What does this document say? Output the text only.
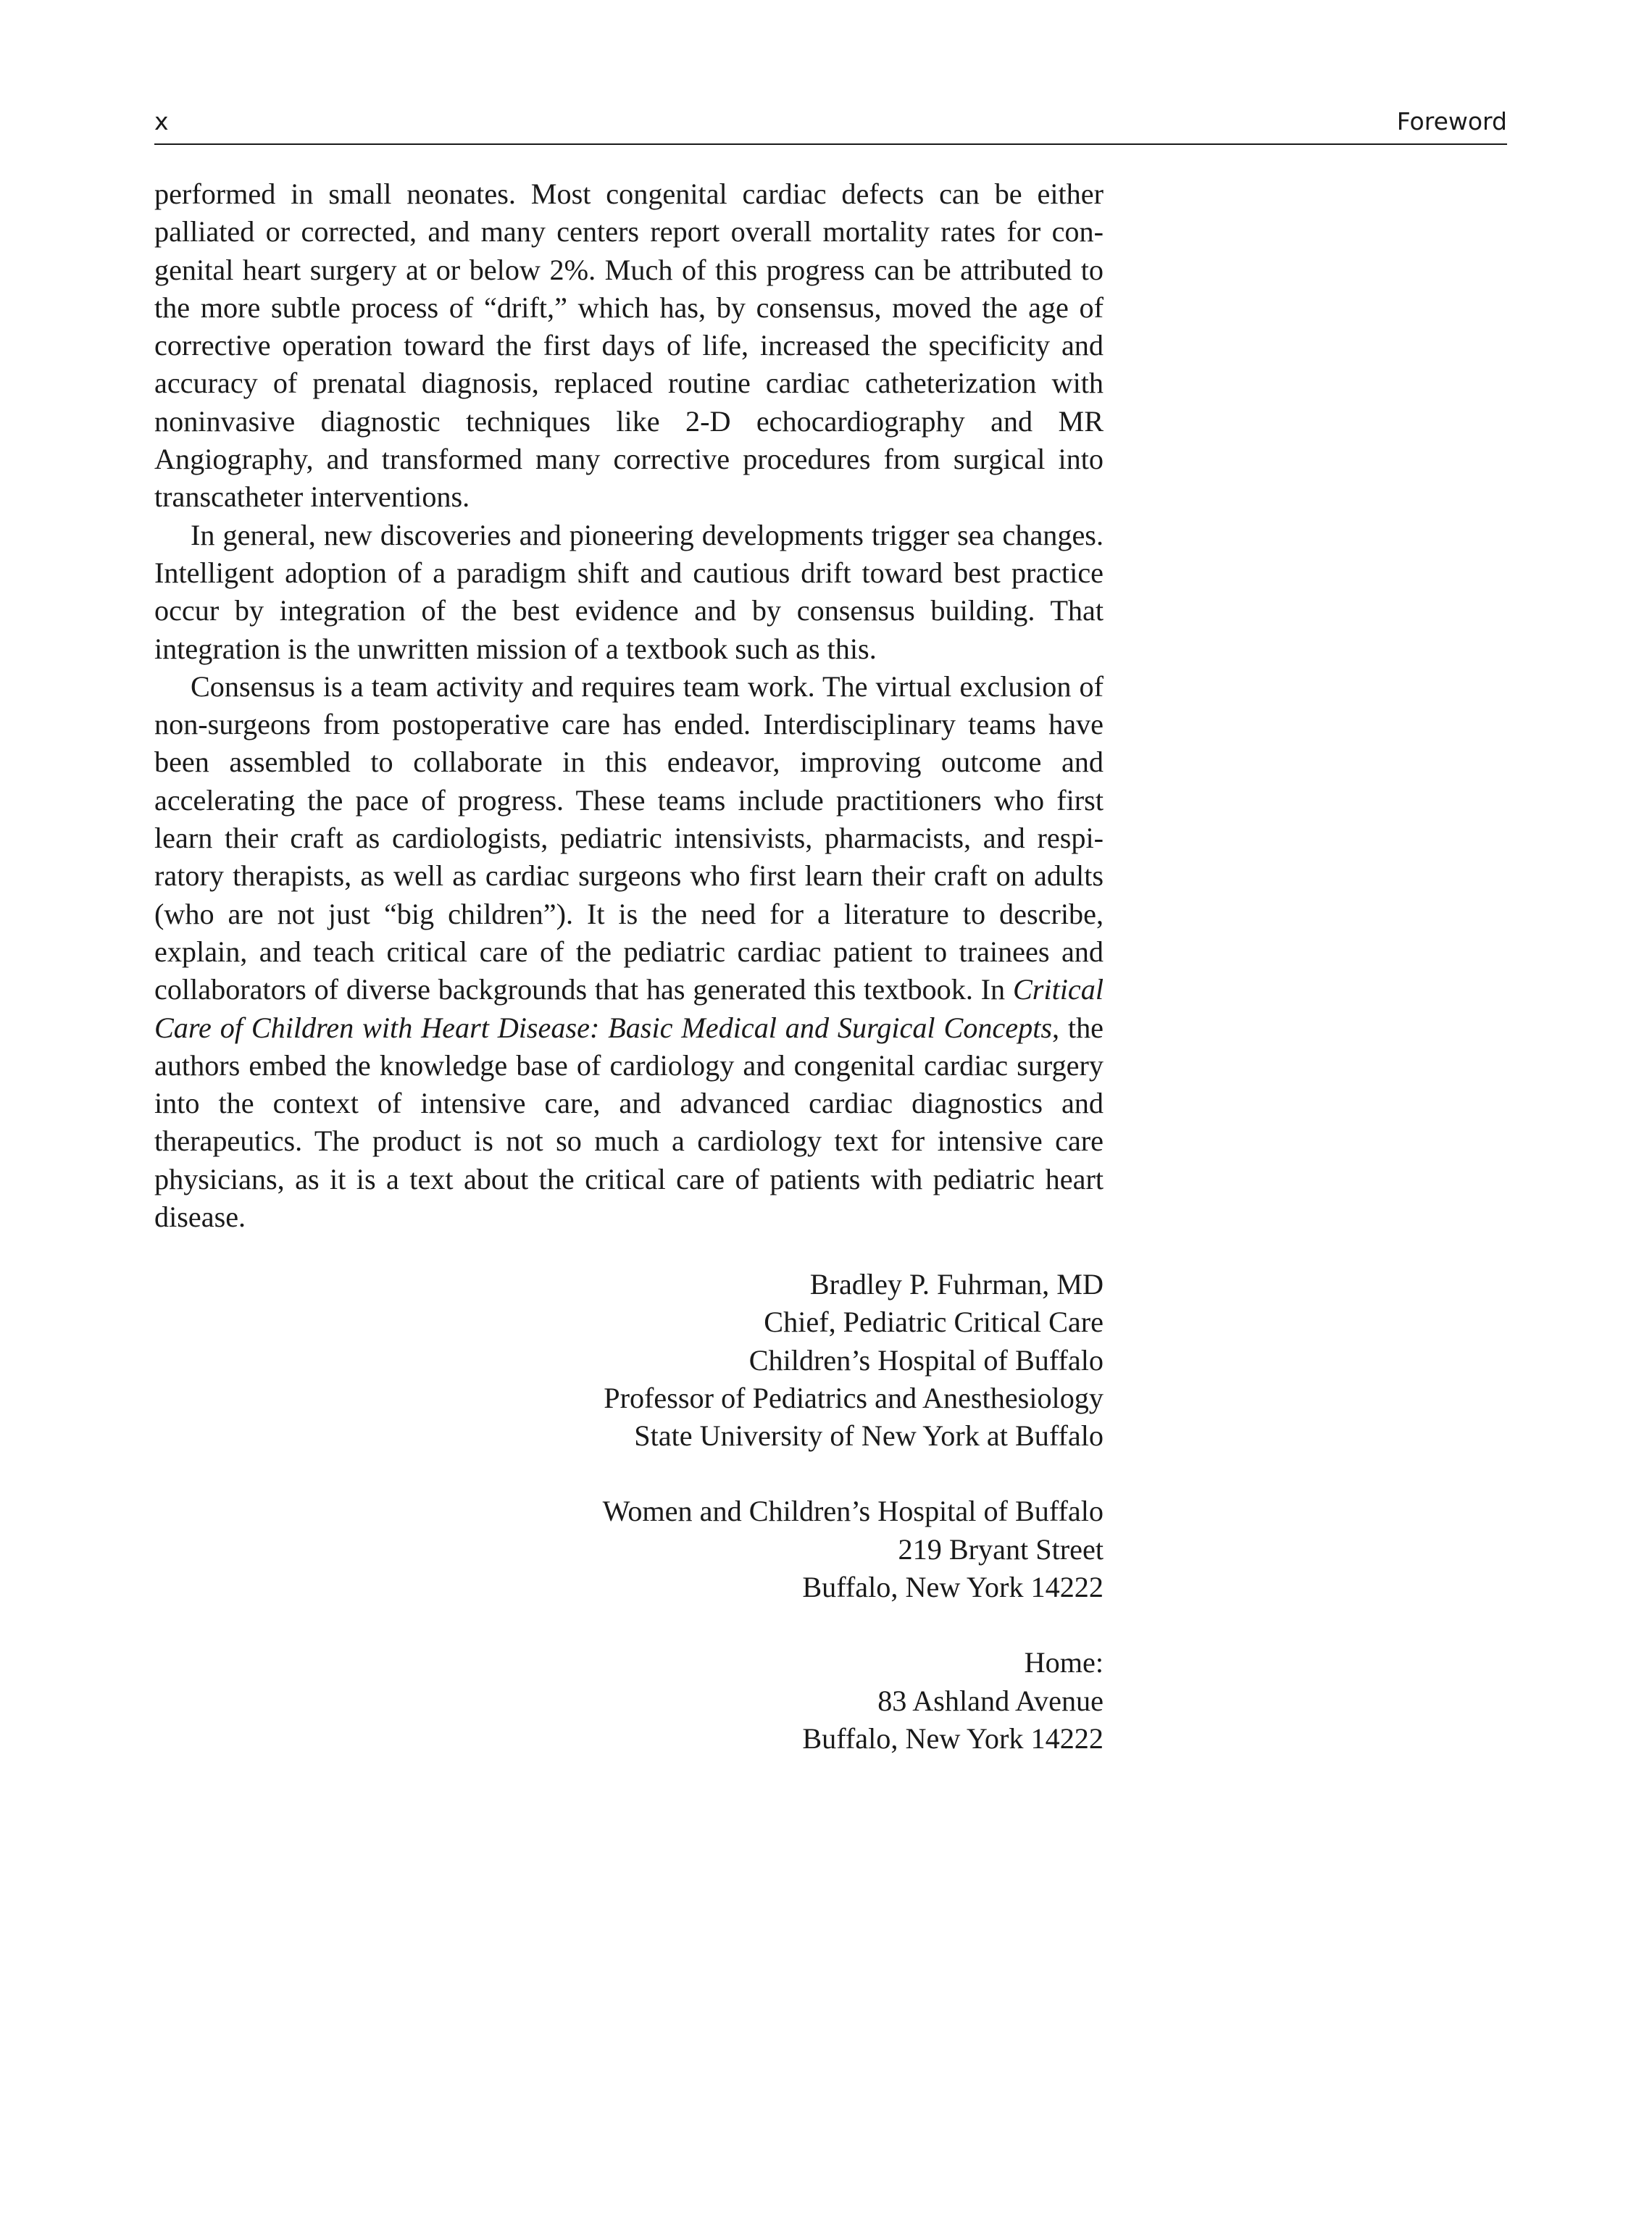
x	Foreword

performed in small neonates. Most congenital cardiac defects can be either palliated or corrected, and many centers report overall mortality rates for congenital heart surgery at or below 2%. Much of this progress can be attributed to the more subtle process of “drift,” which has, by consensus, moved the age of corrective operation toward the first days of life, increased the specificity and accuracy of prenatal diagnosis, replaced routine cardiac catheterization with noninvasive diagnostic techniques like 2-D echocardiography and MR Angiography, and transformed many corrective procedures from surgical into transcatheter interventions.

In general, new discoveries and pioneering developments trigger sea changes. Intelligent adoption of a paradigm shift and cautious drift toward best practice occur by integration of the best evidence and by consensus building. That integration is the unwritten mission of a textbook such as this.

Consensus is a team activity and requires team work. The virtual exclusion of non-surgeons from postoperative care has ended. Interdisciplinary teams have been assembled to collaborate in this endeavor, improving outcome and accelerating the pace of progress. These teams include practitioners who first learn their craft as cardiologists, pediatric intensivists, pharmacists, and respiratory therapists, as well as cardiac surgeons who first learn their craft on adults (who are not just “big children”). It is the need for a literature to describe, explain, and teach critical care of the pediatric cardiac patient to trainees and collaborators of diverse backgrounds that has generated this textbook. In Critical Care of Children with Heart Disease: Basic Medical and Surgical Concepts, the authors embed the knowledge base of cardiology and congenital cardiac surgery into the context of intensive care, and advanced cardiac diagnostics and therapeutics. The product is not so much a cardiology text for intensive care physicians, as it is a text about the critical care of patients with pediatric heart disease.

Bradley P. Fuhrman, MD
Chief, Pediatric Critical Care
Children’s Hospital of Buffalo
Professor of Pediatrics and Anesthesiology
State University of New York at Buffalo
Women and Children’s Hospital of Buffalo
219 Bryant Street
Buffalo, New York 14222
Home:
83 Ashland Avenue
Buffalo, New York 14222
